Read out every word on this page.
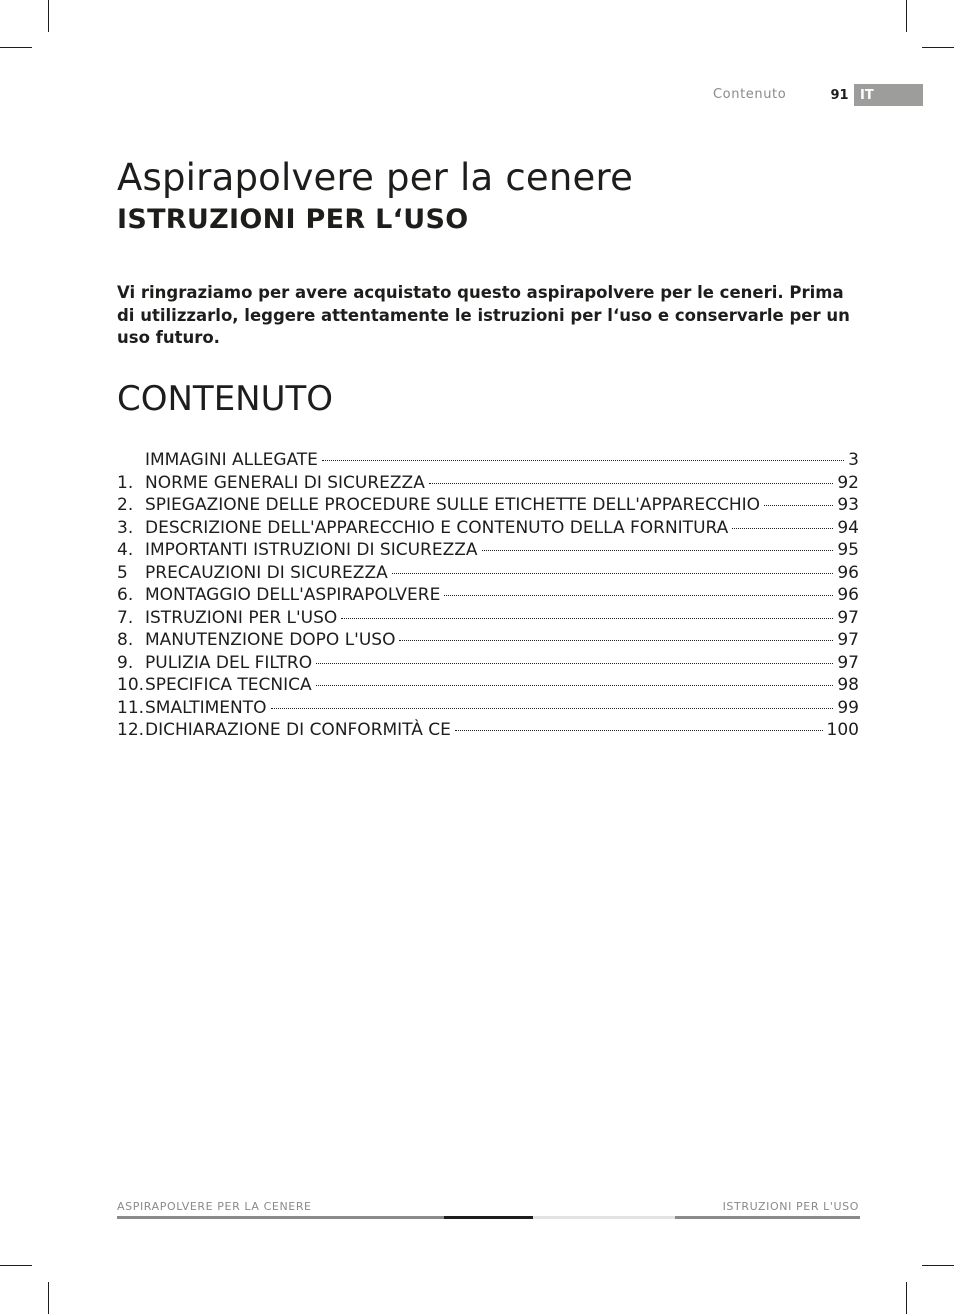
Contenuto	91 IT
Aspirapolvere per la cenere
ISTRUZIONI PER L‘USO
Vi ringraziamo per avere acquistato questo aspirapolvere per le ceneri. Prima di utilizzarlo, leggere attentamente le istruzioni per l‘uso e conservarle per un uso futuro.
CONTENUTO
IMMAGINI ALLEGATE	3
1. NORME GENERALI DI SICUREZZA	92
2. SPIEGAZIONE DELLE PROCEDURE SULLE ETICHETTE DELL'APPARECCHIO	93
3. DESCRIZIONE DELL'APPARECCHIO E CONTENUTO DELLA FORNITURA	94
4. IMPORTANTI ISTRUZIONI DI SICUREZZA	95
5	PRECAUZIONI DI SICUREZZA	96
6. MONTAGGIO DELL'ASPIRAPOLVERE	96
7. ISTRUZIONI PER L'USO	97
8. MANUTENZIONE DOPO L'USO	97
9. PULIZIA DEL FILTRO	97
10. SPECIFICA TECNICA	98
11. SMALTIMENTO	99
12. DICHIARAZIONE DI CONFORMITÀ CE	100
ASPIRAPOLVERE PER LA CENERE	ISTRUZIONI PER L'USO
